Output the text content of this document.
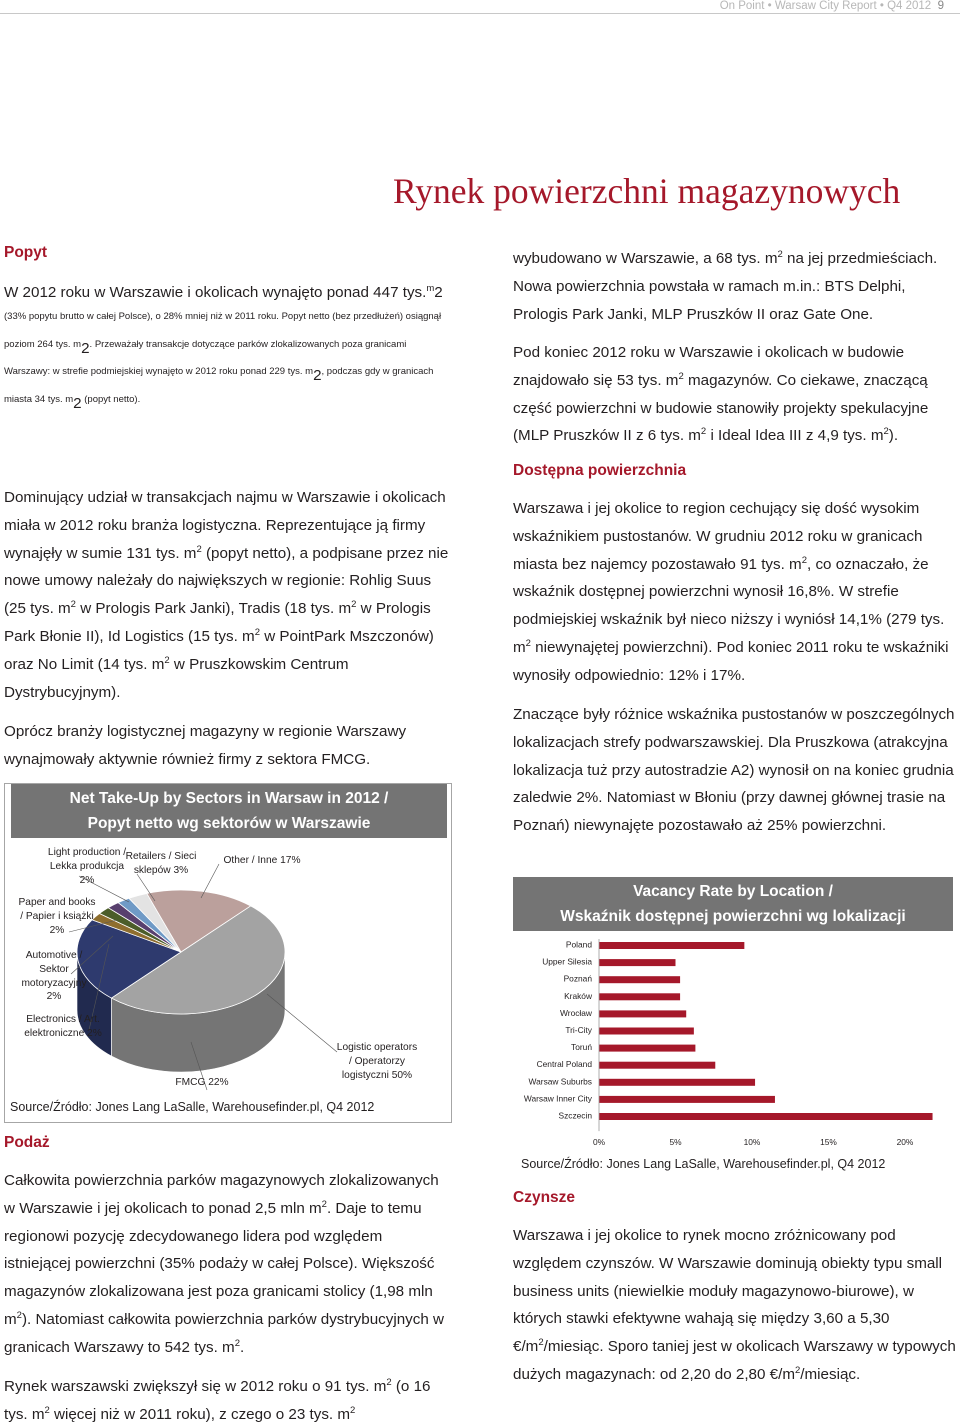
On Point • Warsaw City Report • Q4 2012 9
Rynek powierzchni magazynowych
Popyt
W 2012 roku w Warszawie i okolicach wynajęto ponad 447 tys.$^m$2 $^{(33\% popytu brutto w całej Polsce), o 28\% mniej niż w 2011 roku. Popyt netto (bez przedłużeń) osiągnął poziom 264 tys. m}2^{. Przeważały transakcje dotyczące parków zlokalizowanych poza granicami Warszawy: w strefie podmiejskiej wynajęto w 2012 roku ponad 229 tys. m}2^{, podczas gdy w granicach miasta 34 tys. m}2$ $^{(popyt netto).}$
Dominujący udział w transakcjach najmu w Warszawie i okolicach miała w 2012 roku branża logistyczna. Reprezentujące ją firmy wynajęły w sumie 131 tys. $m^2$ (popyt netto), a podpisane przez nie nowe umowy należały do największych w regionie: Rohlig Suus (25 tys. $m^2$ w Prologis Park Janki), Tradis (18 tys. $m^2$ w Prologis Park Błonie II), Id Logistics (15 tys. $m^2$ w PointPark Mszczonów) oraz No Limit (14 tys. $m^2$ w Pruszkowskim Centrum Dystrybucyjnym).
Oprócz branży logistycznej magazyny w regionie Warszawy wynajmowały aktywnie również firmy z sektora FMCG.
Net Take-Up by Sectors in Warsaw in 2012 /
Popyt netto wg sektorów w Warszawie
Light production /
Lekka produkcja
2%
Retailers / Sieci
sklepów 3%
Other / Inne 17%
Paper and books
/ Papier i książki
2%
Automotive /
Sektor
motoryzacyjny
2%
Electronics / Art.
elektroniczne 2%
Logistic operators
/ Operatorzy
logistyczni 50%
FMCG 22%
Source/Źródło: Jones Lang LaSalle, Warehousefinder.pl, Q4 2012
Podaż
Całkowita powierzchnia parków magazynowych zlokalizowanych w Warszawie i jej okolicach to ponad 2,5 mln $m^2$. Daje to temu regionowi pozycję zdecydowanego lidera pod względem istniejącej powierzchni (35% podaży w całej Polsce). Większość magazynów zlokalizowana jest poza granicami stolicy (1,98 mln $m^2$). Natomiast całkowita powierzchnia parków dystrybucyjnych w granicach Warszawy to 542 tys. $m^2$.
Rynek warszawski zwiększył się w 2012 roku o 91 tys. $m^2$ (o 16 tys. $m^2$ więcej niż w 2011 roku), z czego o 23 tys. $m^2$
wybudowano w Warszawie, a 68 tys. $m^2$ na jej przedmieściach. Nowa powierzchnia powstała w ramach m.in.: BTS Delphi, Prologis Park Janki, MLP Pruszków II oraz Gate One.
Pod koniec 2012 roku w Warszawie i okolicach w budowie znajdowało się 53 tys. $m^2$ magazynów. Co ciekawe, znaczącą część powierzchni w budowie stanowiły projekty spekulacyjne (MLP Pruszków II z 6 tys. $m^2$ i Ideal Idea III z 4,9 tys. $m^2$).
Dostępna powierzchnia
Warszawa i jej okolice to region cechujący się dość wysokim wskaźnikiem pustostanów. W grudniu 2012 roku w granicach miasta bez najemcy pozostawało 91 tys. $m^2$, co oznaczało, że wskaźnik dostępnej powierzchni wynosił 16,8%. W strefie podmiejskiej wskaźnik był nieco niższy i wyniósł 14,1% (279 tys. $m^2$ niewynajętej powierzchni). Pod koniec 2011 roku te wskaźniki wynosiły odpowiednio: 12% i 17%.
Znaczące były różnice wskaźnika pustostanów w poszczególnych lokalizacjach strefy podwarszawskiej. Dla Pruszkowa (atrakcyjna lokalizacja tuż przy autostradzie A2) wynosił on na koniec grudnia zaledwie 2%. Natomiast w Błoniu (przy dawnej głównej trasie na Poznań) niewynajęte pozostawało aż 25% powierzchni.
Vacancy Rate by Location /
Wskaźnik dostępnej powierzchni wg lokalizacji
Poland
Upper Silesia
Poznań
Kraków
Wrocław
Tri-City
Toruń
Central Poland
Warsaw Suburbs
Warsaw Inner City
Szczecin
0%	5%	10%	15%	20%
Source/Źródło: Jones Lang LaSalle, Warehousefinder.pl, Q4 2012
Czynsze
Warszawa i jej okolice to rynek mocno zróżnicowany pod względem czynszów. W Warszawie dominują obiekty typu small business units (niewielkie moduły magazynowo-biurowe), w których stawki efektywne wahają się między 3,60 a 5,30 $€/m^2$/miesiąc. Sporo taniej jest w okolicach Warszawy w typowych dużych magazynach: od 2,20 do 2,80 $€/m^2$/miesiąc.
